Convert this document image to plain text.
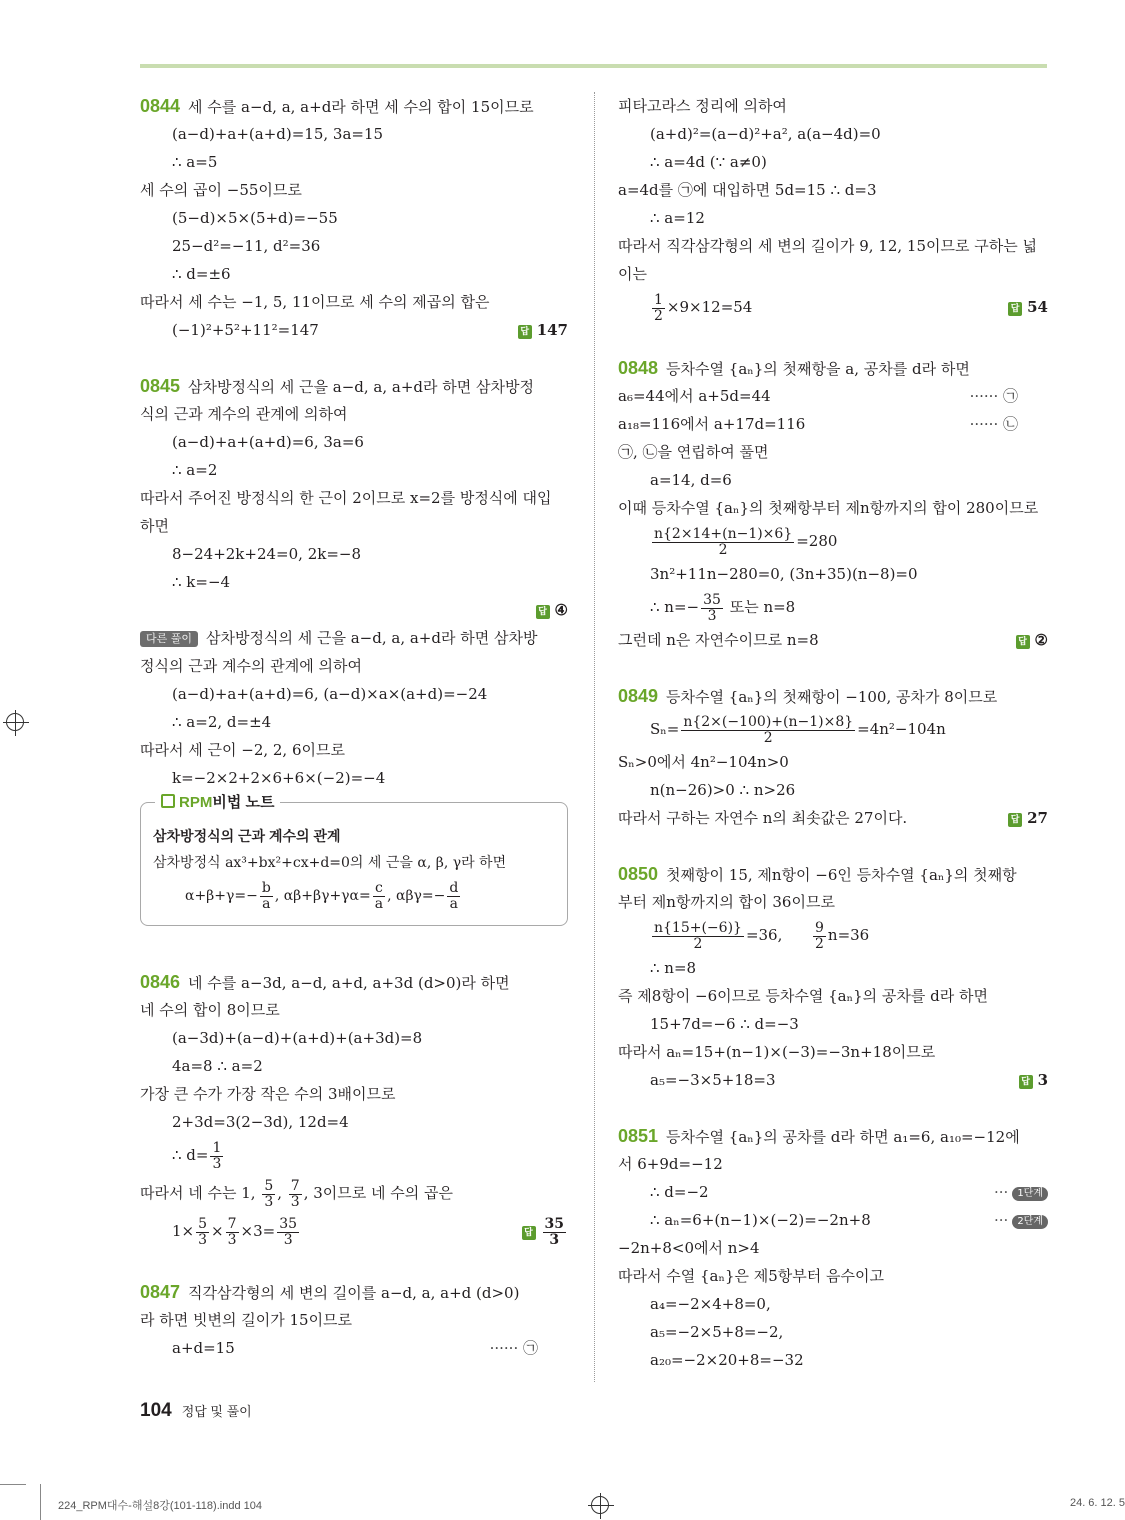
0844 세 수를 a−d, a, a+d라 하면 세 수의 합이 15이므로
(a−d)+a+(a+d)=15, 3a=15
∴ a=5
세 수의 곱이 −55이므로
(5−d)×5×(5+d)=−55
25−d²=−11, d²=36
∴ d=±6
따라서 세 수는 −1, 5, 11이므로 세 수의 제곱의 합은
(−1)²+5²+11²=147	답 147
0845 삼차방정식의 세 근을 a−d, a, a+d라 하면 삼차방정
식의 근과 계수의 관계에 의하여
(a−d)+a+(a+d)=6, 3a=6
∴ a=2
따라서 주어진 방정식의 한 근이 2이므로 x=2를 방정식에 대입
하면
8−24+2k+24=0, 2k=−8
∴ k=−4
답 ④
다른 풀이 삼차방정식의 세 근을 a−d, a, a+d라 하면 삼차방
정식의 근과 계수의 관계에 의하여
(a−d)+a+(a+d)=6, (a−d)×a×(a+d)=−24
∴ a=2, d=±4
따라서 세 근이 −2, 2, 6이므로
k=−2×2+2×6+6×(−2)=−4
RPM비법 노트
삼차방정식의 근과 계수의 관계
삼차방정식 ax³+bx²+cx+d=0의 세 근을 α, β, γ라 하면
$\alpha+\beta+\gamma=- \frac{b}{a}$ , $\alpha\beta+\beta\gamma+\gamma\alpha= \frac{c}{a}$ , $\alpha\beta\gamma=- \frac{d}{a}$
0846 네 수를 a−3d, a−d, a+d, a+3d (d>0)라 하면
네 수의 합이 8이므로
(a−3d)+(a−d)+(a+d)+(a+3d)=8
4a=8 ∴ a=2
가장 큰 수가 가장 작은 수의 3배이므로
2+3d=3(2−3d), 12d=4
∴ $d= \frac{1}{3}$
따라서 네 수는 1, $\frac{5}{3}$ , $\frac{7}{3}$ , 3이므로 네 수의 곱은
$1\times \frac{5}{3} \times \frac{7}{3} \times 3= \frac{35}{3}$	답 $\frac{35}{3}$
0847 직각삼각형의 세 변의 길이를 a−d, a, a+d (d>0)
라 하면 빗변의 길이가 15이므로
a+d=15	······ ㉠
피타고라스 정리에 의하여
(a+d)²=(a−d)²+a², a(a−4d)=0
∴ a=4d (∵ a≠0)
a=4d를 ㉠에 대입하면 5d=15 ∴ d=3
∴ a=12
따라서 직각삼각형의 세 변의 길이가 9, 12, 15이므로 구하는 넓
이는
$\frac{1}{2} \times 9\times 12=54$	답 54
0848 등차수열 {aₙ}의 첫째항을 a, 공차를 d라 하면
a₆=44에서 a+5d=44	······ ㉠
a₁₈=116에서 a+17d=116	······ ㉡
㉠, ㉡을 연립하여 풀면
a=14, d=6
이때 등차수열 {aₙ}의 첫째항부터 제n항까지의 합이 280이므로
$\frac{n\{2\times 14+(n-1)\times 6\}}{2} =280$
3n²+11n−280=0, (3n+35)(n−8)=0
∴ $n=- \frac{35}{3}$ 또는 n=8
그런데 n은 자연수이므로 n=8	답 ②
0849 등차수열 {aₙ}의 첫째항이 −100, 공차가 8이므로
$S_n= \frac{n\{2\times(-100)+(n-1)\times 8\}}{2} =4n^2-104n$
Sₙ>0에서 4n²−104n>0
n(n−26)>0 ∴ n>26
따라서 구하는 자연수 n의 최솟값은 27이다.	답 27
0850 첫째항이 15, 제n항이 −6인 등차수열 {aₙ}의 첫째항
부터 제n항까지의 합이 36이므로
$\frac{n\{15+(-6)\}}{2} =36$, $\frac{9}{2} n=36$
∴ n=8
즉 제8항이 −6이므로 등차수열 {aₙ}의 공차를 d라 하면
15+7d=−6 ∴ d=−3
따라서 aₙ=15+(n−1)×(−3)=−3n+18이므로
a₅=−3×5+18=3	답 3
0851 등차수열 {aₙ}의 공차를 d라 하면 a₁=6, a₁₀=−12에
서 6+9d=−12
∴ d=−2	··· 1단계
∴ aₙ=6+(n−1)×(−2)=−2n+8	··· 2단계
−2n+8<0에서 n>4
따라서 수열 {aₙ}은 제5항부터 음수이고
a₄=−2×4+8=0,
a₅=−2×5+8=−2,
a₂₀=−2×20+8=−32
104 정답 및 풀이
224_RPM대수-해설8강(101-118).indd 104	24. 6. 12. 5
